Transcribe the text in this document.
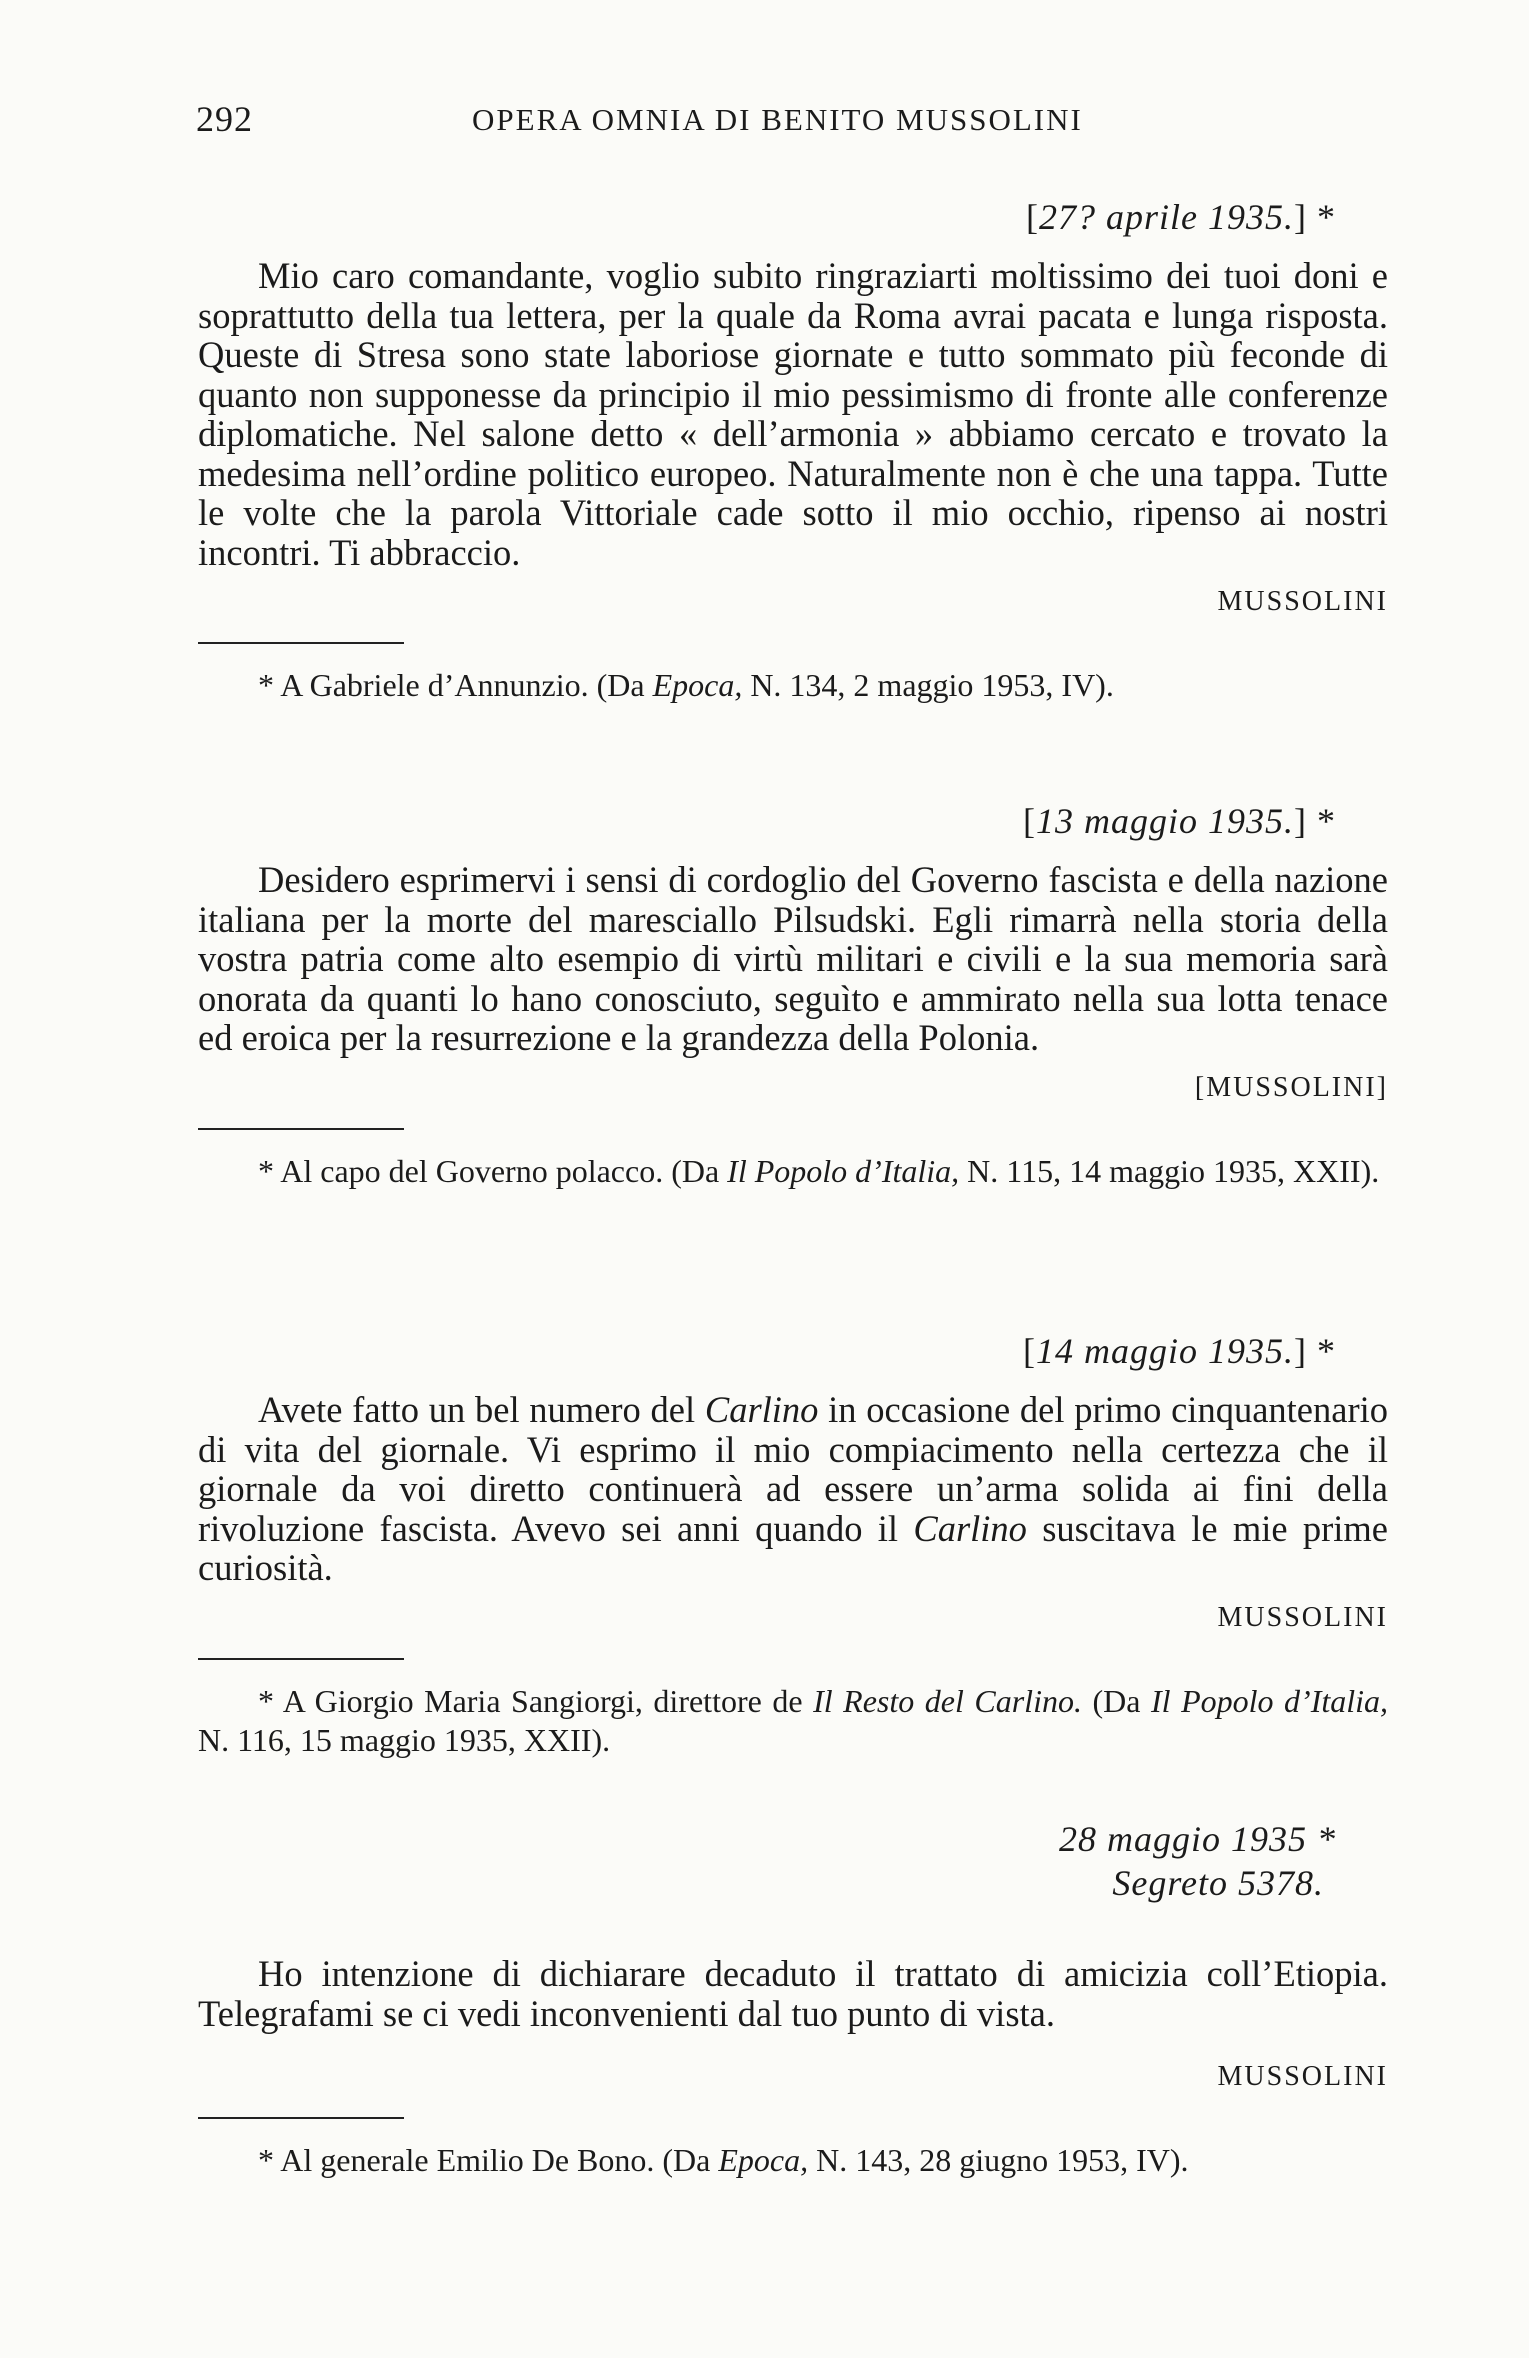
292	OPERA OMNIA DI BENITO MUSSOLINI
[27? aprile 1935.] *

Mio caro comandante, voglio subito ringraziarti moltissimo dei tuoi doni e soprattutto della tua lettera, per la quale da Roma avrai pacata e lunga risposta. Queste di Stresa sono state laboriose giornate e tutto sommato più feconde di quanto non supponesse da principio il mio pessimismo di fronte alle conferenze diplomatiche. Nel salone detto « dell’armonia » abbiamo cercato e trovato la medesima nell’ordine politico europeo. Naturalmente non è che una tappa. Tutte le volte che la parola Vittoriale cade sotto il mio occhio, ripenso ai nostri incontri. Ti abbraccio.

MUSSOLINI

* A Gabriele d’Annunzio. (Da Epoca, N. 134, 2 maggio 1953, IV).

[13 maggio 1935.] *

Desidero esprimervi i sensi di cordoglio del Governo fascista e della nazione italiana per la morte del maresciallo Pilsudski. Egli rimarrà nella storia della vostra patria come alto esempio di virtù militari e civili e la sua memoria sarà onorata da quanti lo hano conosciuto, seguìto e ammirato nella sua lotta tenace ed eroica per la resurrezione e la grandezza della Polonia.

[MUSSOLINI]

* Al capo del Governo polacco. (Da Il Popolo d’Italia, N. 115, 14 maggio 1935, XXII).

[14 maggio 1935.] *

Avete fatto un bel numero del Carlino in occasione del primo cinquantenario di vita del giornale. Vi esprimo il mio compiacimento nella certezza che il giornale da voi diretto continuerà ad essere un’arma solida ai fini della rivoluzione fascista. Avevo sei anni quando il Carlino suscitava le mie prime curiosità.

MUSSOLINI

* A Giorgio Maria Sangiorgi, direttore de Il Resto del Carlino. (Da Il Popolo d’Italia, N. 116, 15 maggio 1935, XXII).

28 maggio 1935 *
Segreto 5378.

Ho intenzione di dichiarare decaduto il trattato di amicizia coll’Etiopia. Telegrafami se ci vedi inconvenienti dal tuo punto di vista.

MUSSOLINI

* Al generale Emilio De Bono. (Da Epoca, N. 143, 28 giugno 1953, IV).
